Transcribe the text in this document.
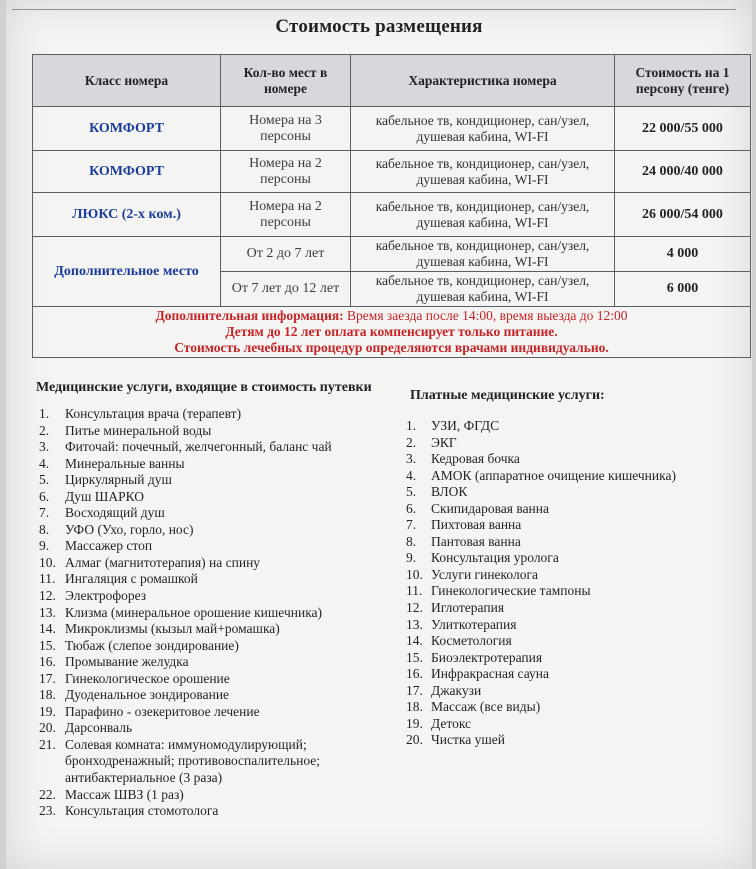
Стоимость размещения
Класс номера	Кол-во мест в номере	Характеристика номера	Стоимость на 1 персону (тенге)
КОМФОРТ	Номера на 3 персоны	кабельное тв, кондиционер, сан/узел, душевая кабина, WI-FI	22 000/55 000
КОМФОРТ	Номера на 2 персоны	кабельное тв, кондиционер, сан/узел, душевая кабина, WI-FI	24 000/40 000
ЛЮКС (2-х ком.)	Номера на 2 персоны	кабельное тв, кондиционер, сан/узел, душевая кабина, WI-FI	26 000/54 000
Дополнительное место	От 2 до 7 лет	кабельное тв, кондиционер, сан/узел, душевая кабина, WI-FI	4 000
	От 7 лет до 12 лет	кабельное тв, кондиционер, сан/узел, душевая кабина, WI-FI	6 000

Дополнительная информация: Время заезда после 14:00, время выезда до 12:00
Детям до 12 лет оплата компенсирует только питание.
Стоимость лечебных процедур определяются врачами индивидуально.			
Медицинские услуги, входящие в стоимость путевки
Платные медицинские услуги:
1.	Консультация врача (терапевт)
2.	Питье минеральной воды
3.	Фиточай: почечный, желчегонный, баланс чай
4.	Минеральные ванны
5.	Циркулярный душ
6.	Душ ШАРКО
7.	Восходящий душ
8.	УФО (Ухо, горло, нос)
9.	Массажер стоп
10. Алмаг (магнитотерапия) на спину
11. Ингаляция с ромашкой
12. Электрофорез
13. Клизма (минеральное орошение кишечника)
14. Микроклизмы (кызыл май+ромашка)
15. Тюбаж (слепое зондирование)
16. Промывание желудка
17. Гинекологическое орошение
18. Дуоденальное зондирование
19. Парафино - озекеритовое лечение
20. Дарсонваль
21. Солевая комната: иммуномодулирующий;
бронходренажный; противовоспалительное;
антибактериальное (3 раза)
22. Массаж ШВЗ (1 раз)
23. Консультация стомотолога
1.	УЗИ, ФГДС
2.	ЭКГ
3.	Кедровая бочка
4.	АМОК (аппаратное очищение кишечника)
5.	ВЛОК
6.	Скипидаровая ванна
7.	Пихтовая ванна
8.	Пантовая ванна
9.	Консультация уролога
10. Услуги гинеколога
11. Гинекологические тампоны
12. Иглотерапия
13. Улиткотерапия
14. Косметология
15. Биоэлектротерапия
16. Инфракрасная сауна
17. Джакузи
18. Массаж (все виды)
19. Детокс
20. Чистка ушей
